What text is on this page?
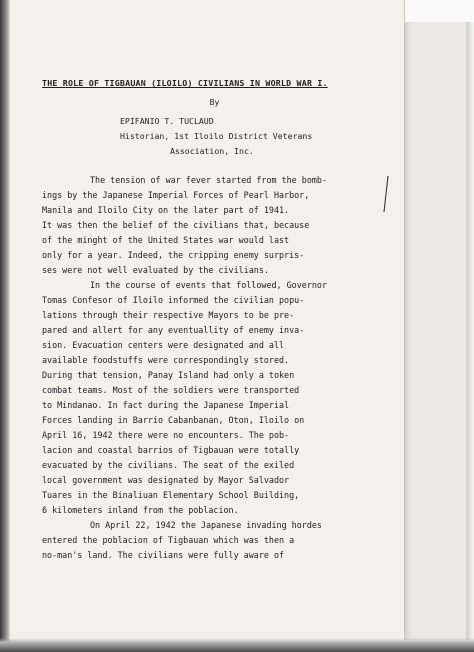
THE ROLE OF TIGBAUAN (ILOILO) CIVILIANS IN WORLD WAR I.
By
EPIFANIO T. TUCLAUD
Historian, 1st Iloilo District Veterans
Association, Inc.
The tension of war fever started from the bomb-
ings by the Japanese Imperial Forces of Pearl Harbor,
Manila and Iloilo City on the later part of 1941.
It was then the belief of the civilians that, because
of the minght of the United States war would last
only for a year. Indeed, the cripping enemy surpris-
ses were not well evaluated by the civilians.
In the course of events that followed, Governor
Tomas Confesor of Iloilo informed the civilian popu-
lations through their respective Mayors to be pre-
pared and allert for any eventuallity of enemy inva-
sion. Evacuation centers were designated and all
available foodstuffs were correspondingly stored.
During that tension, Panay Island had only a token
combat teams. Most of the soldiers were transported
to Mindanao. In fact during the Japanese Imperial
Forces landing in Barrio Cabanbanan, Oton, Iloilo on
April 16, 1942 there were no encounters. The pob-
lacion and coastal barrios of Tigbauan were totally
evacuated by the civilians. The seat of the exiled
local government was designated by Mayor Salvador
Tuares in the Binaliuan Elementary School Building,
6 kilometers inland from the poblacion.
On April 22, 1942 the Japanese invading hordes
entered the poblacion of Tigbauan which was then a
no-man's land. The civilians were fully aware of
